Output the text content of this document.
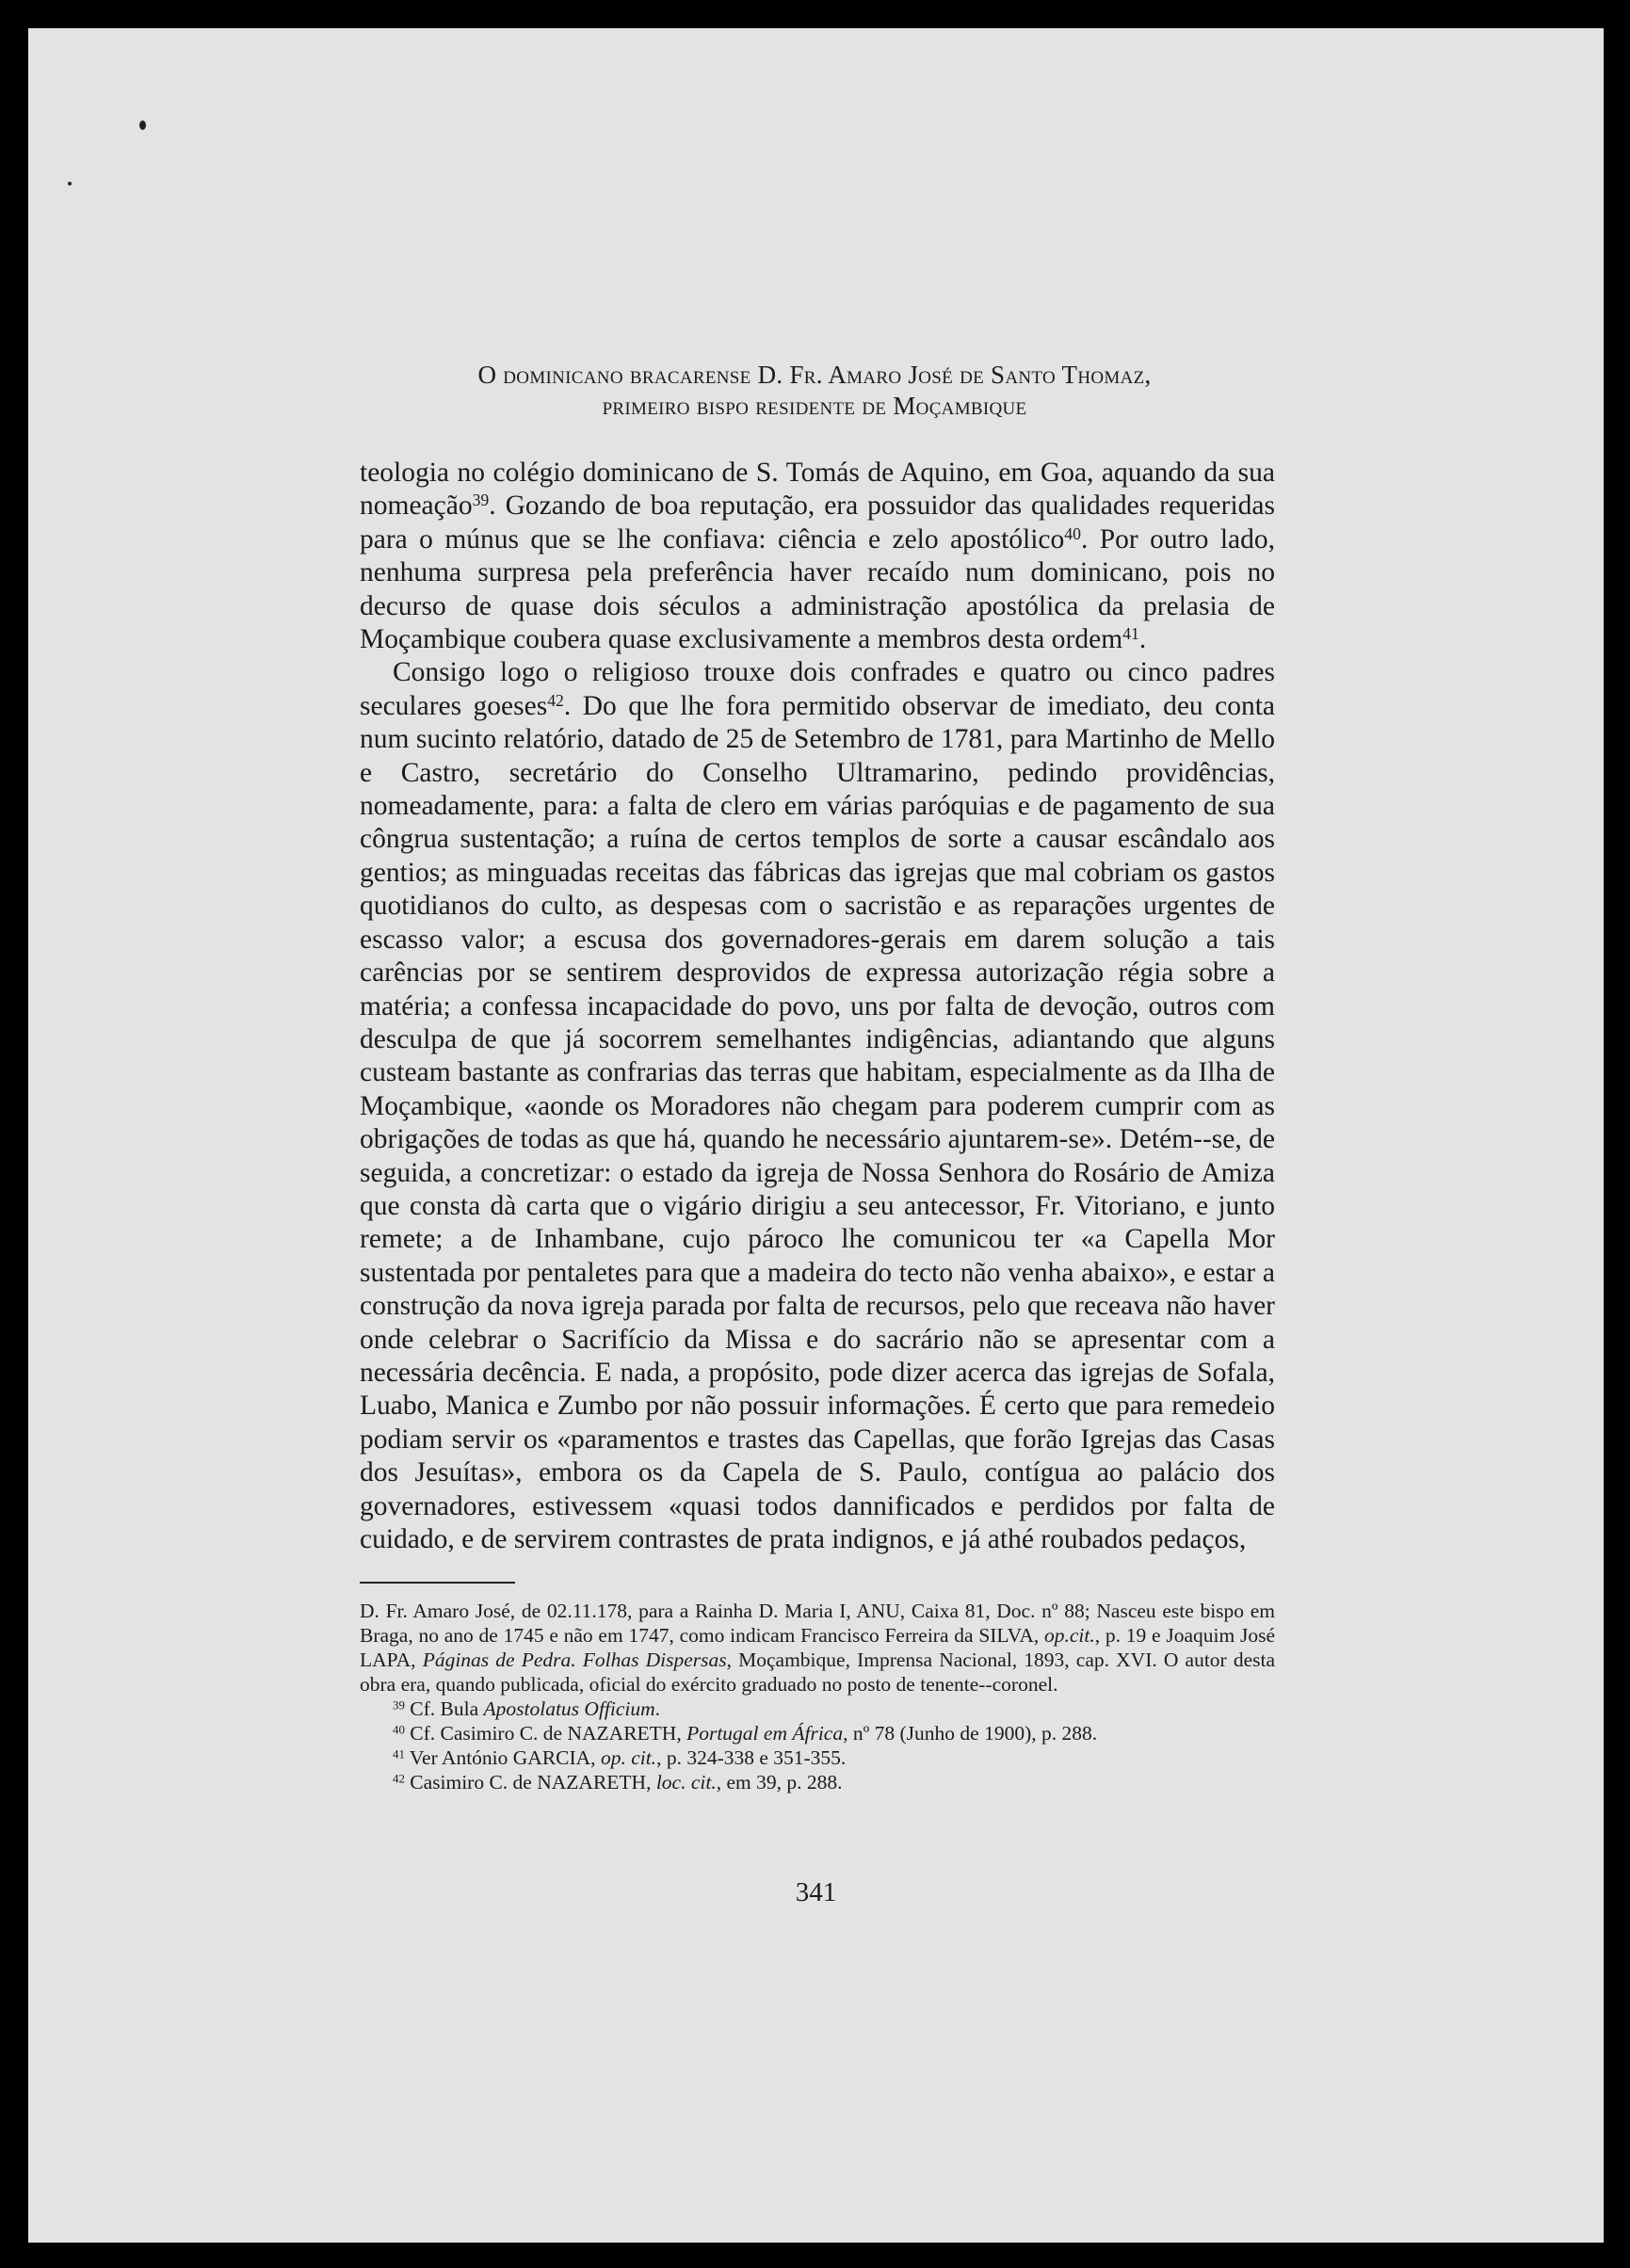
O dominicano bracarense D. Fr. Amaro José de Santo Thomaz,
primeiro bispo residente de Moçambique

teologia no colégio dominicano de S. Tomás de Aquino, em Goa, aquando da sua nomeação$^{39}$. Gozando de boa reputação, era possuidor das qualidades requeridas para o múnus que se lhe confiava: ciência e zelo apostólico$^{40}$. Por outro lado, nenhuma surpresa pela preferência haver recaído num dominicano, pois no decurso de quase dois séculos a administração apostólica da prelasia de Moçambique coubera quase exclusivamente a membros desta ordem$^{41}$.

Consigo logo o religioso trouxe dois confrades e quatro ou cinco padres seculares goeses$^{42}$. Do que lhe fora permitido observar de imediato, deu conta num sucinto relatório, datado de 25 de Setembro de 1781, para Martinho de Mello e Castro, secretário do Conselho Ultramarino, pedindo providências, nomeadamente, para: a falta de clero em várias paróquias e de pagamento de sua côngrua sustentação; a ruína de certos templos de sorte a causar escândalo aos gentios; as minguadas receitas das fábricas das igrejas que mal cobriam os gastos quotidianos do culto, as despesas com o sacristão e as reparações urgentes de escasso valor; a escusa dos governadores-gerais em darem solução a tais carências por se sentirem desprovidos de expressa autorização régia sobre a matéria; a confessa incapacidade do povo, uns por falta de devoção, outros com desculpa de que já socorrem semelhantes indigências, adiantando que alguns custeam bastante as confrarias das terras que habitam, especialmente as da Ilha de Moçambique, «aonde os Moradores não chegam para poderem cumprir com as obrigações de todas as que há, quando he necessário ajuntarem-se». Detém--se, de seguida, a concretizar: o estado da igreja de Nossa Senhora do Rosário de Amiza que consta dà carta que o vigário dirigiu a seu antecessor, Fr. Vitoriano, e junto remete; a de Inhambane, cujo pároco lhe comunicou ter «a Capella Mor sustentada por pentaletes para que a madeira do tecto não venha abaixo», e estar a construção da nova igreja parada por falta de recursos, pelo que receava não haver onde celebrar o Sacrifício da Missa e do sacrário não se apresentar com a necessária decência. E nada, a propósito, pode dizer acerca das igrejas de Sofala, Luabo, Manica e Zumbo por não possuir informações. É certo que para remedeio podiam servir os «paramentos e trastes das Capellas, que forão Igrejas das Casas dos Jesuítas», embora os da Capela de S. Paulo, contígua ao palácio dos governadores, estivessem «quasi todos dannificados e perdidos por falta de cuidado, e de servirem contrastes de prata indignos, e já athé roubados pedaços,

D. Fr. Amaro José, de 02.11.178, para a Rainha D. Maria I, ANU, Caixa 81, Doc. nº 88; Nasceu este bispo em Braga, no ano de 1745 e não em 1747, como indicam Francisco Ferreira da SILVA, op.cit., p. 19 e Joaquim José LAPA, Páginas de Pedra. Folhas Dispersas, Moçambique, Imprensa Nacional, 1893, cap. XVI. O autor desta obra era, quando publicada, oficial do exército graduado no posto de tenente--coronel.

$^{39}$ Cf. Bula Apostolatus Officium.

$^{40}$ Cf. Casimiro C. de NAZARETH, Portugal em África, nº 78 (Junho de 1900), p. 288.

$^{41}$ Ver António GARCIA, op. cit., p. 324-338 e 351-355.

$^{42}$ Casimiro C. de NAZARETH, loc. cit., em 39, p. 288.

341
